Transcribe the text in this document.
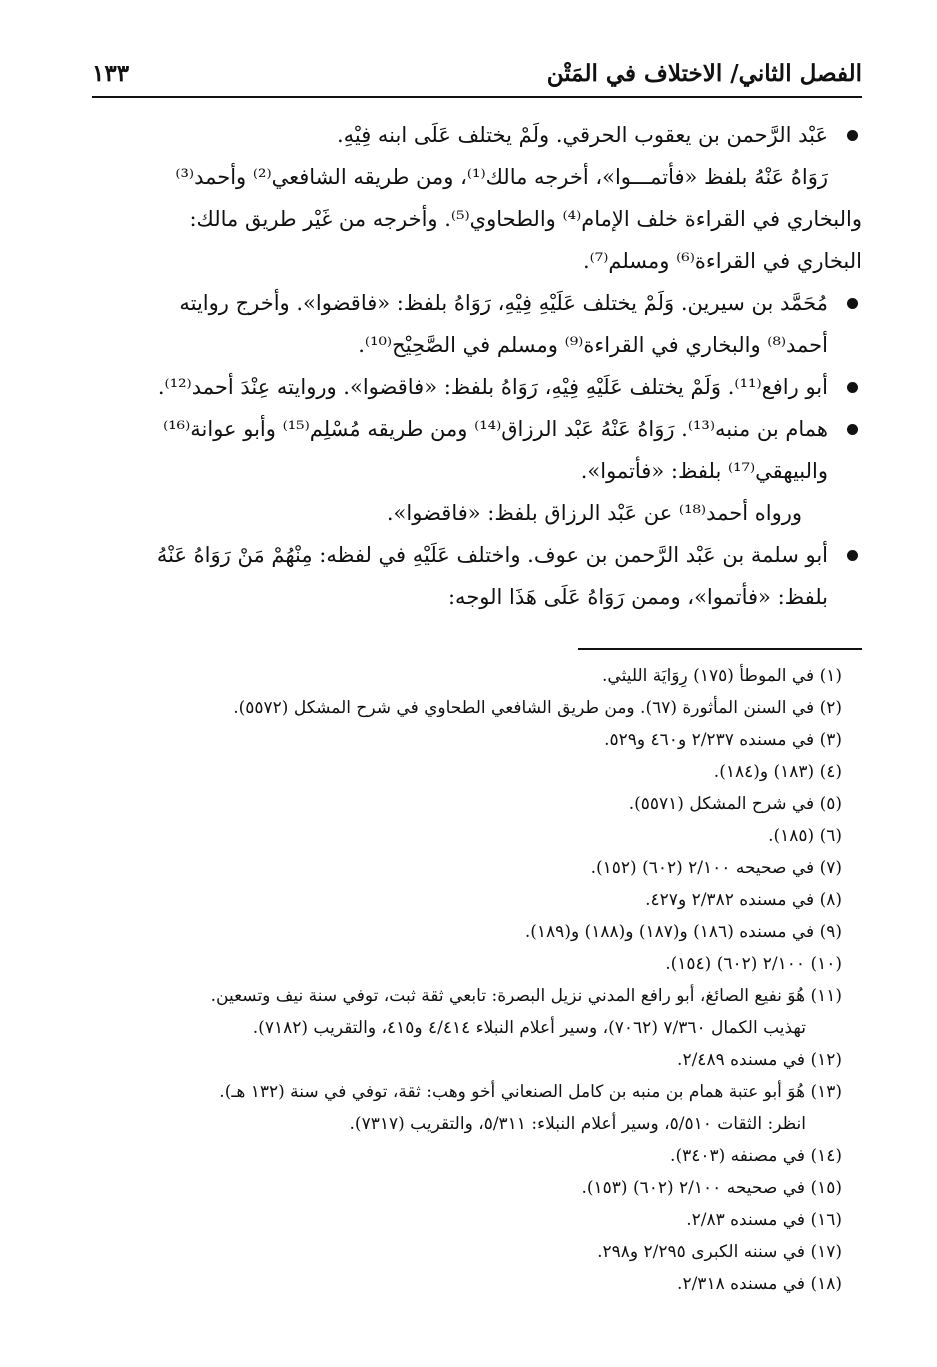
الفصل الثاني/ الاختلاف في المَتْن
١٣٣
عَبْد الرَّحمن بن يعقوب الحرقي. ولَمْ يختلف عَلَى ابنه فِيْهِ.
رَوَاهُ عَنْهُ بلفظ «فأتمـــوا»، أخرجه مالك⁽¹⁾، ومن طريقه الشافعي⁽²⁾ وأحمد⁽³⁾
والبخاري في القراءة خلف الإمام⁽⁴⁾ والطحاوي⁽⁵⁾. وأخرجه من غَيْر طريق مالك:
البخاري في القراءة⁽⁶⁾ ومسلم⁽⁷⁾.
مُحَمَّد بن سيرين. وَلَمْ يختلف عَلَيْهِ فِيْهِ، رَوَاهُ بلفظ: «فاقضوا». وأخرج روايته
أحمد⁽⁸⁾ والبخاري في القراءة⁽⁹⁾ ومسلم في الصَّحِيْح⁽¹⁰⁾.
أبو رافع⁽¹¹⁾. وَلَمْ يختلف عَلَيْهِ فِيْهِ، رَوَاهُ بلفظ: «فاقضوا». وروايته عِنْدَ أحمد⁽¹²⁾.
همام بن منبه⁽¹³⁾. رَوَاهُ عَنْهُ عَبْد الرزاق⁽¹⁴⁾ ومن طريقه مُسْلِم⁽¹⁵⁾ وأبو عوانة⁽¹⁶⁾
والبيهقي⁽¹⁷⁾ بلفظ: «فأتموا».
ورواه أحمد⁽¹⁸⁾ عن عَبْد الرزاق بلفظ: «فاقضوا».
أبو سلمة بن عَبْد الرَّحمن بن عوف. واختلف عَلَيْهِ في لفظه: مِنْهُمْ مَنْ رَوَاهُ عَنْهُ
بلفظ: «فأتموا»، وممن رَوَاهُ عَلَى هَذَا الوجه:
(١) في الموطأ (١٧٥) رِوَايَة الليثي.
(٢) في السنن المأثورة (٦٧). ومن طريق الشافعي الطحاوي في شرح المشكل (٥٥٧٢).
(٣) في مسنده ٢/٢٣٧ و٤٦٠ و٥٢٩.
(٤) (١٨٣) و(١٨٤).
(٥) في شرح المشكل (٥٥٧١).
(٦) (١٨٥).
(٧) في صحيحه ٢/١٠٠ (٦٠٢) (١٥٢).
(٨) في مسنده ٢/٣٨٢ و٤٢٧.
(٩) في مسنده (١٨٦) و(١٨٧) و(١٨٨) و(١٨٩).
(١٠) ٢/١٠٠ (٦٠٢) (١٥٤).
(١١) هُوَ نفيع الصائغ، أبو رافع المدني نزيل البصرة: تابعي ثقة ثبت، توفي سنة نيف وتسعين.
تهذيب الكمال ٧/٣٦٠ (٧٠٦٢)، وسير أعلام النبلاء ٤/٤١٤ و٤١٥، والتقريب (٧١٨٢).
(١٢) في مسنده ٢/٤٨٩.
(١٣) هُوَ أبو عتبة همام بن منبه بن كامل الصنعاني أخو وهب: ثقة، توفي في سنة (١٣٢ هـ).
انظر: الثقات ٥/٥١٠، وسير أعلام النبلاء: ٥/٣١١، والتقريب (٧٣١٧).
(١٤) في مصنفه (٣٤٠٣).
(١٥) في صحيحه ٢/١٠٠ (٦٠٢) (١٥٣).
(١٦) في مسنده ٢/٨٣.
(١٧) في سننه الكبرى ٢/٢٩٥ و٢٩٨.
(١٨) في مسنده ٢/٣١٨.
